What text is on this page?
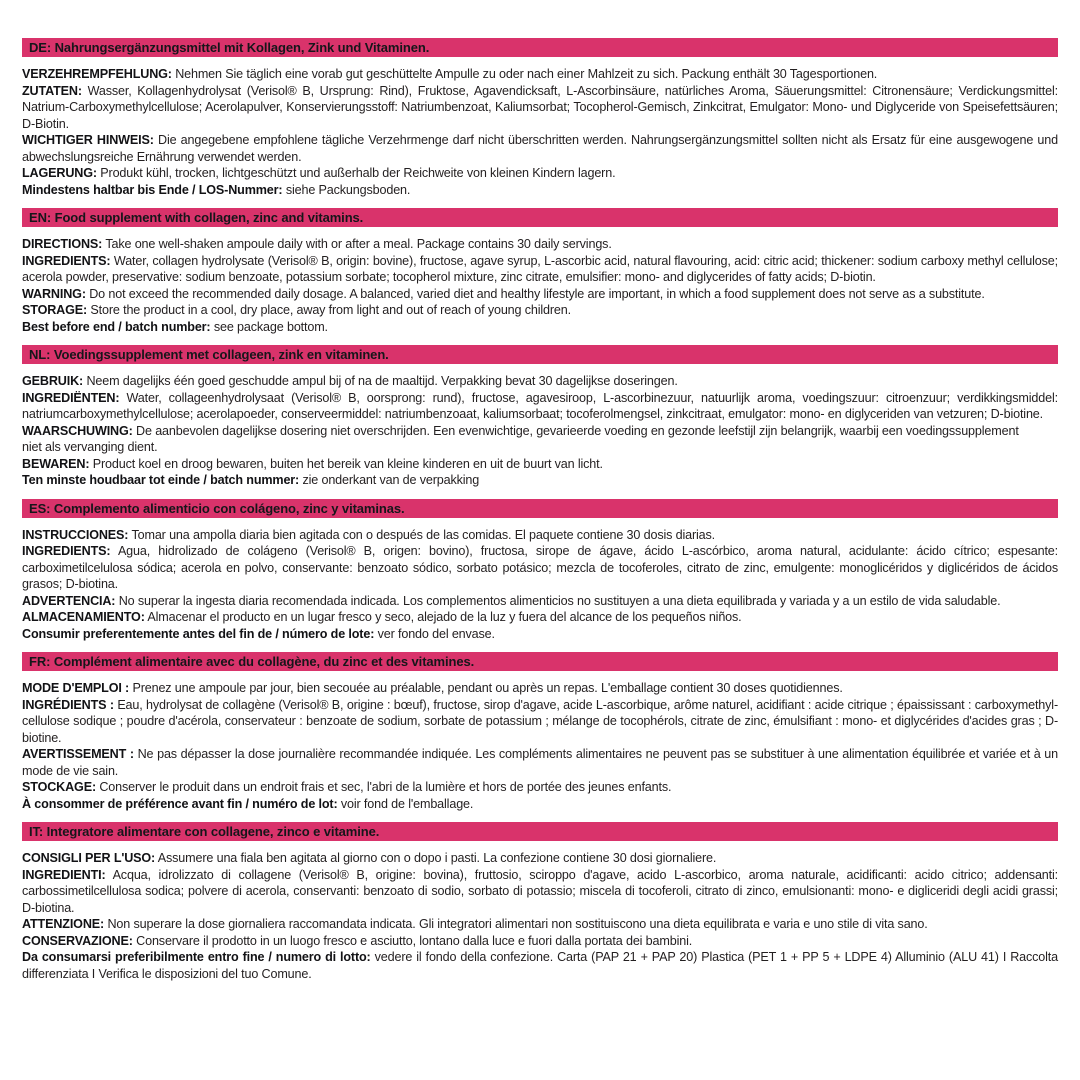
DE: Nahrungsergänzungsmittel mit Kollagen, Zink und Vitaminen.

VERZEHREMPFEHLUNG: Nehmen Sie täglich eine vorab gut geschüttelte Ampulle zu oder nach einer Mahlzeit zu sich. Packung enthält 30 Tagesportionen.

ZUTATEN: Wasser, Kollagenhydrolysat (Verisol® B, Ursprung: Rind), Fruktose, Agavendicksaft, L-Ascorbinsäure, natürliches Aroma, Säuerungsmittel: Citronensäure; Verdickungsmittel: Natrium-Carboxymethylcellulose; Acerolapulver, Konservierungsstoff: Natriumbenzoat, Kaliumsorbat; Tocopherol-Gemisch, Zinkcitrat, Emulgator: Mono- und Diglyceride von Speisefettsäuren; D-Biotin.

WICHTIGER HINWEIS: Die angegebene empfohlene tägliche Verzehrmenge darf nicht überschritten werden. Nahrungsergänzungsmittel sollten nicht als Ersatz für eine ausgewogene und abwechslungsreiche Ernährung verwendet werden.

LAGERUNG: Produkt kühl, trocken, lichtgeschützt und außerhalb der Reichweite von kleinen Kindern lagern.

Mindestens haltbar bis Ende / LOS-Nummer: siehe Packungsboden.

EN: Food supplement with collagen, zinc and vitamins.

DIRECTIONS: Take one well-shaken ampoule daily with or after a meal. Package contains 30 daily servings.

INGREDIENTS: Water, collagen hydrolysate (Verisol® B, origin: bovine), fructose, agave syrup, L-ascorbic acid, natural flavouring, acid: citric acid; thickener: sodium carboxy methyl cellulose; acerola powder, preservative: sodium benzoate, potassium sorbate; tocopherol mixture, zinc citrate, emulsifier: mono- and diglycerides of fatty acids; D-biotin.

WARNING: Do not exceed the recommended daily dosage. A balanced, varied diet and healthy lifestyle are important, in which a food supplement does not serve as a substitute.

STORAGE: Store the product in a cool, dry place, away from light and out of reach of young children.

Best before end / batch number: see package bottom.

NL: Voedingssupplement met collageen, zink en vitaminen.

GEBRUIK: Neem dagelijks één goed geschudde ampul bij of na de maaltijd. Verpakking bevat 30 dagelijkse doseringen.

INGREDIËNTEN: Water, collageenhydrolysaat (Verisol® B, oorsprong: rund), fructose, agavesiroop, L-ascorbinezuur, natuurlijk aroma, voedingszuur: citroenzuur; verdikkingsmiddel: natriumcarboxymethylcellulose; acerolapoeder, conserveermiddel: natriumbenzoaat, kaliumsorbaat; tocoferolmengsel, zinkcitraat, emulgator: mono- en diglyceriden van vetzuren; D-biotine.

WAARSCHUWING: De aanbevolen dagelijkse dosering niet overschrijden. Een evenwichtige, gevarieerde voeding en gezonde leefstijl zijn belangrijk, waarbij een voedingssupplement

niet als vervanging dient.

BEWAREN: Product koel en droog bewaren, buiten het bereik van kleine kinderen en uit de buurt van licht.

Ten minste houdbaar tot einde / batch nummer: zie onderkant van de verpakking

ES: Complemento alimenticio con colágeno, zinc y vitaminas.

INSTRUCCIONES: Tomar una ampolla diaria bien agitada con o después de las comidas. El paquete contiene 30 dosis diarias.

INGREDIENTS: Agua, hidrolizado de colágeno (Verisol® B, origen: bovino), fructosa, sirope de ágave, ácido L-ascórbico, aroma natural, acidulante: ácido cítrico; espesante: carboximetilcelulosa sódica; acerola en polvo, conservante: benzoato sódico, sorbato potásico; mezcla de tocoferoles, citrato de zinc, emulgente: monoglicéridos y diglicéridos de ácidos grasos; D-biotina.

ADVERTENCIA: No superar la ingesta diaria recomendada indicada. Los complementos alimenticios no sustituyen a una dieta equilibrada y variada y a un estilo de vida saludable.

ALMACENAMIENTO: Almacenar el producto en un lugar fresco y seco, alejado de la luz y fuera del alcance de los pequeños niños.

Consumir preferentemente antes del fin de / número de lote: ver fondo del envase.

FR: Complément alimentaire avec du collagène, du zinc et des vitamines.

MODE D'EMPLOI : Prenez une ampoule par jour, bien secouée au préalable, pendant ou après un repas. L'emballage contient 30 doses quotidiennes.

INGRÉDIENTS : Eau, hydrolysat de collagène (Verisol® B, origine : bœuf), fructose, sirop d'agave, acide L-ascorbique, arôme naturel, acidifiant : acide citrique ; épaississant : carboxymethyl-cellulose sodique ; poudre d'acérola, conservateur : benzoate de sodium, sorbate de potassium ; mélange de tocophérols, citrate de zinc, émulsifiant : mono- et diglycérides d'acides gras ; D-biotine.

AVERTISSEMENT : Ne pas dépasser la dose journalière recommandée indiquée. Les compléments alimentaires ne peuvent pas se substituer à une alimentation équilibrée et variée et à un mode de vie sain.

STOCKAGE: Conserver le produit dans un endroit frais et sec, l'abri de la lumière et hors de portée des jeunes enfants.

À consommer de préférence avant fin / numéro de lot: voir fond de l'emballage.

IT: Integratore alimentare con collagene, zinco e vitamine.

CONSIGLI PER L'USO: Assumere una fiala ben agitata al giorno con o dopo i pasti. La confezione contiene 30 dosi giornaliere.

INGREDIENTI: Acqua, idrolizzato di collagene (Verisol® B, origine: bovina), fruttosio, sciroppo d'agave, acido L-ascorbico, aroma naturale, acidificanti: acido citrico; addensanti: carbossimetilcellulosa sodica; polvere di acerola, conservanti: benzoato di sodio, sorbato di potassio; miscela di tocoferoli, citrato di zinco, emulsionanti: mono- e digliceridi degli acidi grassi; D-biotina.

ATTENZIONE: Non superare la dose giornaliera raccomandata indicata. Gli integratori alimentari non sostituiscono una dieta equilibrata e varia e uno stile di vita sano.

CONSERVAZIONE: Conservare il prodotto in un luogo fresco e asciutto, lontano dalla luce e fuori dalla portata dei bambini.

Da consumarsi preferibilmente entro fine / numero di lotto: vedere il fondo della confezione. Carta (PAP 21 + PAP 20) Plastica (PET 1 + PP 5 + LDPE 4) Alluminio (ALU 41) I Raccolta differenziata I Verifica le disposizioni del tuo Comune.
